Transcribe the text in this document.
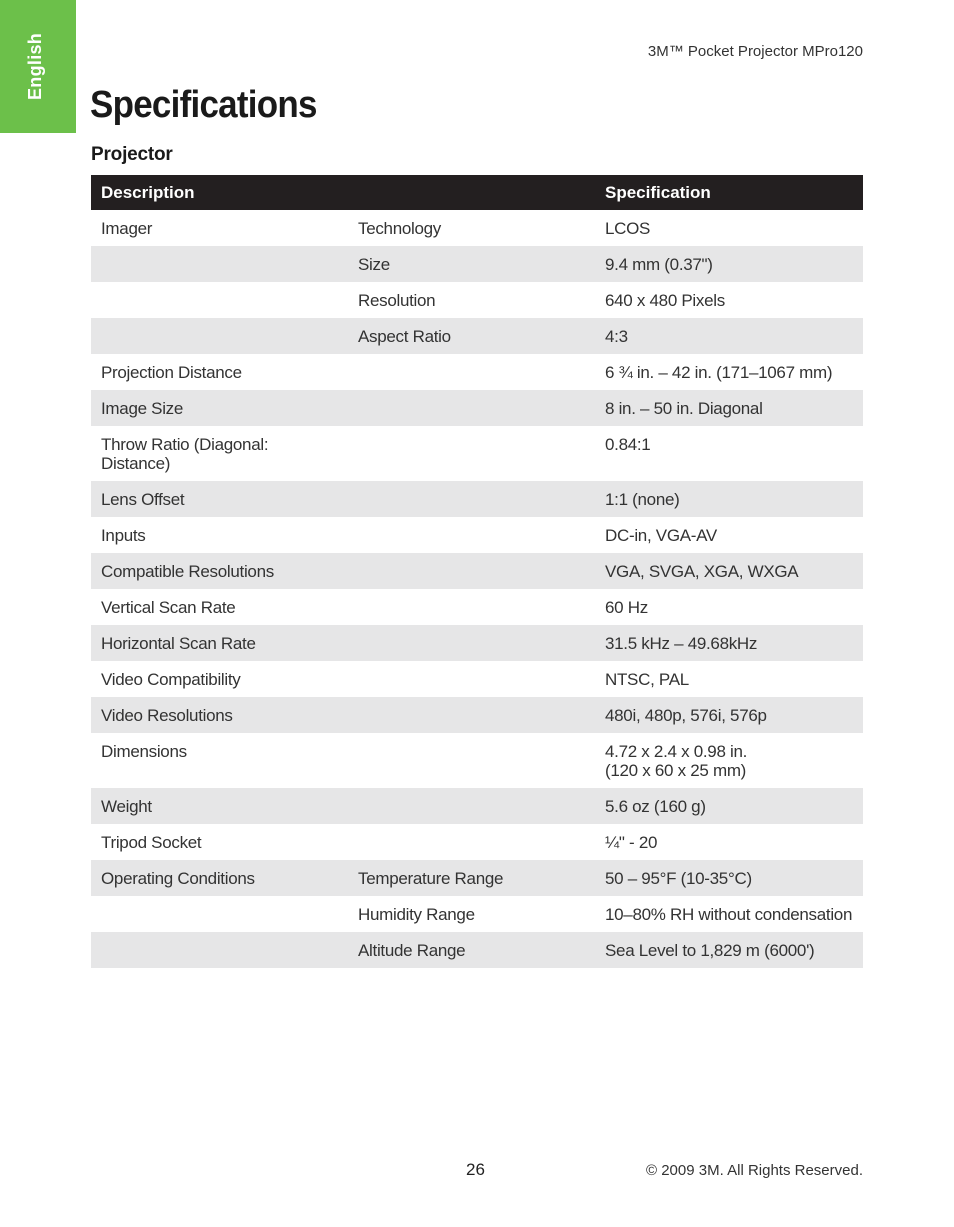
English	3M™ Pocket Projector MPro120
Specifications
Projector
Description		Specification
Imager	Technology	LCOS
	Size	9.4 mm (0.37")
	Resolution	640 x 480 Pixels
	Aspect Ratio	4:3
Projection Distance		6 ¾ in. – 42 in. (171–1067 mm)
Image Size		8 in. – 50 in. Diagonal
Throw Ratio (Diagonal: Distance)		0.84:1
Lens Offset		1:1 (none)
Inputs		DC-in, VGA-AV
Compatible Resolutions		VGA, SVGA, XGA, WXGA
Vertical Scan Rate		60 Hz
Horizontal Scan Rate		31.5 kHz – 49.68kHz
Video Compatibility		NTSC, PAL
Video Resolutions		480i, 480p, 576i, 576p
Dimensions		4.72 x 2.4 x 0.98 in.
(120 x 60 x 25 mm)
Weight		5.6 oz (160 g)
Tripod Socket		¼" - 20
Operating Conditions	Temperature Range	50 – 95°F (10-35°C)
	Humidity Range	10–80% RH without condensation
	Altitude Range	Sea Level to 1,829 m (6000')
26	© 2009 3M. All Rights Reserved.
